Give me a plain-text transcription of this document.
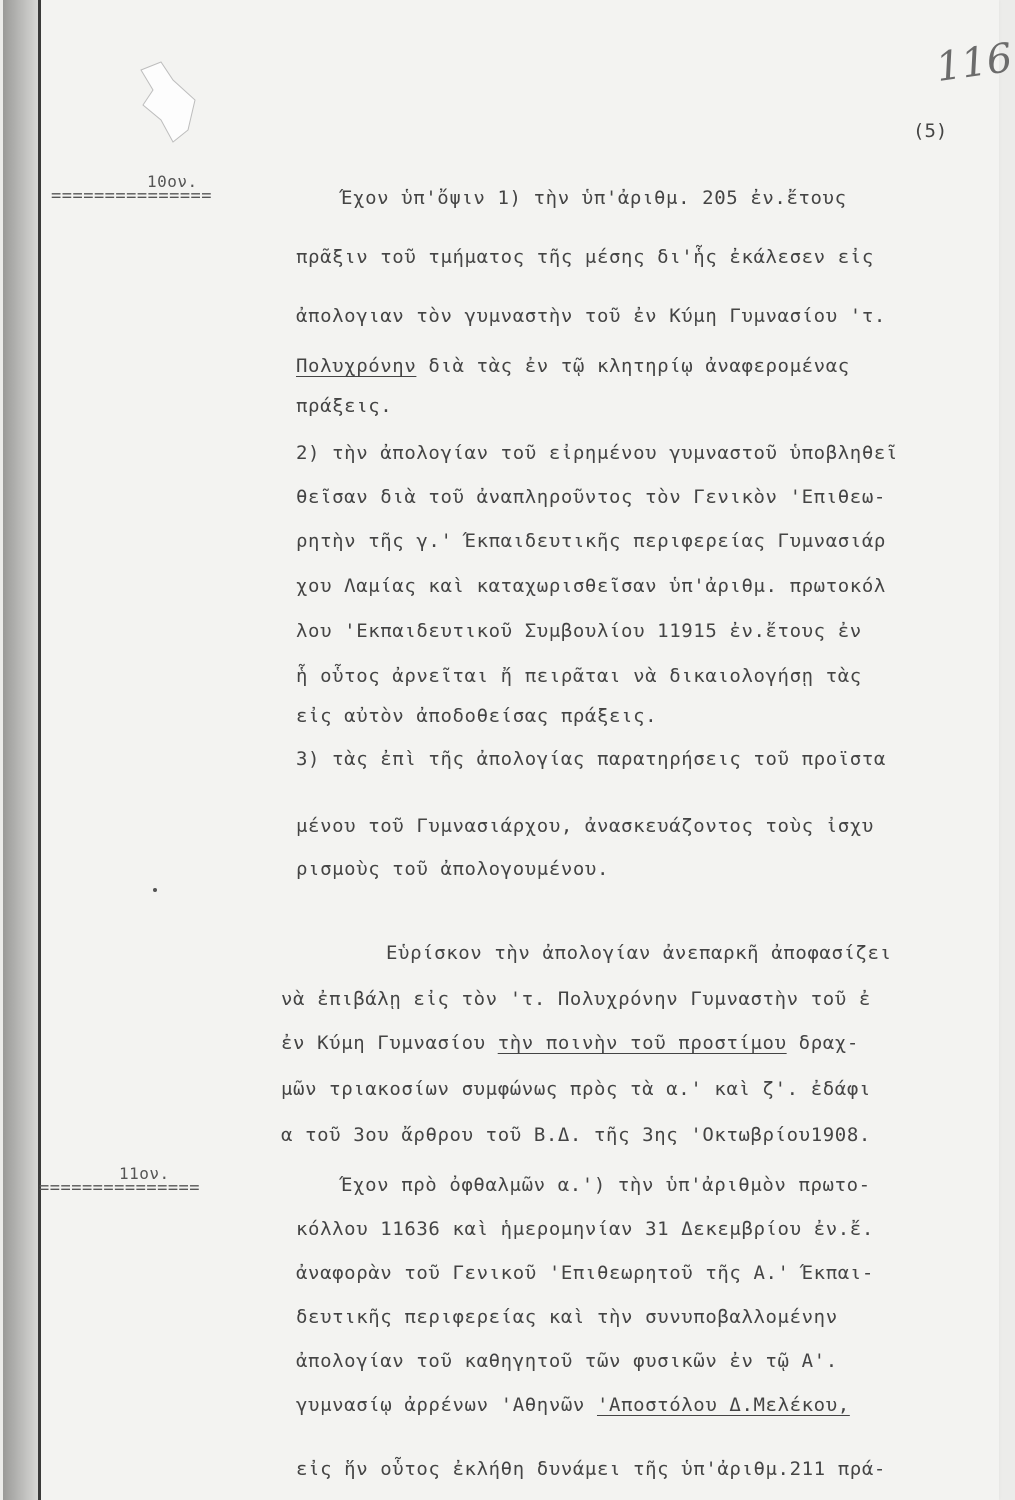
116
(5)
10ον.
===============	Έχον ὑπ'ὄψιν 1) τὴν ὑπ'ἀριθμ. 205 ἐν.ἔτους
πρᾶξιν τοῦ τμήματος τῆς μέσης δι'ἧς ἐκάλεσεν εἰς
ἀπολογιαν τὸν γυμναστὴν τοῦ ἐν Κύμη Γυμνασίου 'τ.
Πολυχρόνην διὰ τὰς ἐν τῷ κλητηρίῳ ἀναφερομένας
πράξεις.
2) τὴν ἀπολογίαν τοῦ εἰρημένου γυμναστοῦ ὑποβληθεῖ
θεῖσαν διὰ τοῦ ἀναπληροῦντος τὸν Γενικὸν 'Επιθεω-
ρητὴν τῆς γ.' Έκπαιδευτικῆς περιφερείας Γυμνασιάρ
χου Λαμίας καὶ καταχωρισθεῖσαν ὑπ'ἀριθμ. πρωτοκόλ
λου 'Εκπαιδευτικοῦ Συμβουλίου 11915 ἐν.ἔτους ἐν
ἧ οὗτος ἀρνεῖται ἤ πειρᾶται νὰ δικαιολογήσῃ τὰς
εἰς αὐτὸν ἀποδοθείσας πράξεις.
3) τὰς ἐπὶ τῆς ἀπολογίας παρατηρήσεις τοῦ προϊστα
μένου τοῦ Γυμνασιάρχου, ἀνασκευάζοντος τοὺς ἰσχυ
ρισμοὺς τοῦ ἀπολογουμένου.
Εὑρίσκον τὴν ἀπολογίαν ἀνεπαρκῆ ἀποφασίζει
νὰ ἐπιβάλῃ εἰς τὸν 'τ. Πολυχρόνην Γυμναστὴν τοῦ ἐ
ἐν Κύμη Γυμνασίου τὴν ποινὴν τοῦ προστίμου δραχ-
μῶν τριακοσίων συμφώνως πρὸς τὰ α.' καὶ ζ'. ἐδάφι
α τοῦ 3ου ἄρθρου τοῦ Β.Δ. τῆς 3ης 'Οκτωβρίου1908.
11ον.
===============	Έχον πρὸ ὀφθαλμῶν α.') τὴν ὑπ'ἀριθμὸν πρωτο-
κόλλου 11636 καὶ ἡμερομηνίαν 31 Δεκεμβρίου ἐν.ἔ.
ἀναφορὰν τοῦ Γενικοῦ 'Επιθεωρητοῦ τῆς Α.' Έκπαι-
δευτικῆς περιφερείας καὶ τὴν συνυποβαλλομένην
ἀπολογίαν τοῦ καθηγητοῦ τῶν φυσικῶν ἐν τῷ Α'.
γυμνασίῳ ἀρρένων 'Αθηνῶν 'Αποστόλου Δ.Μελέκου,
εἰς ἥν οὗτος ἐκλήθη δυνάμει τῆς ὑπ'ἀριθμ.211 πρά-
